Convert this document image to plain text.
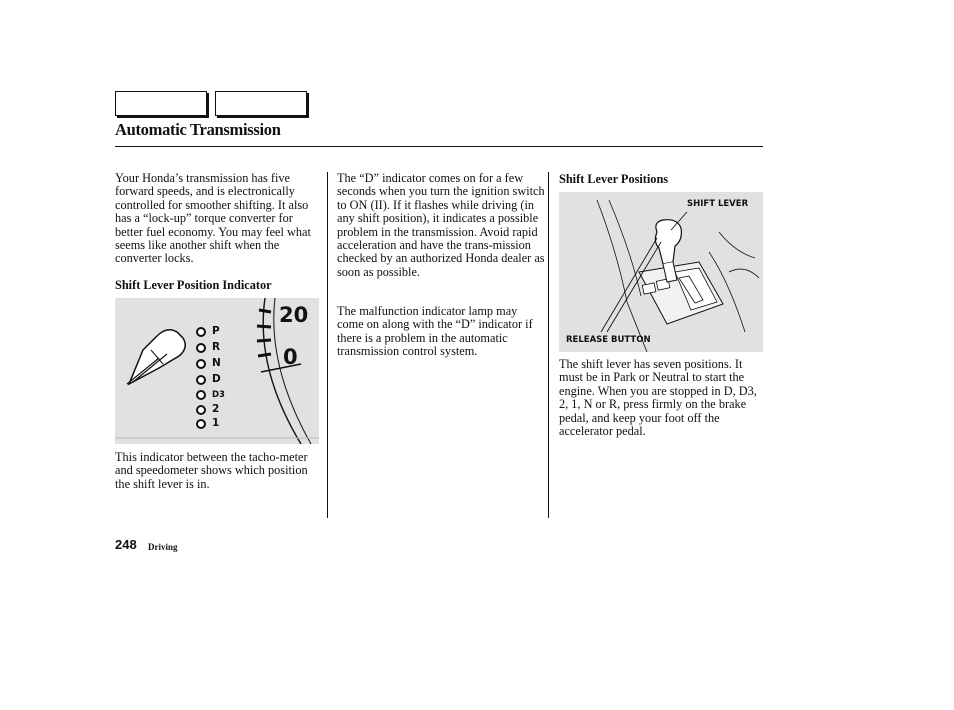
Automatic Transmission

Your Honda’s transmission has five forward speeds, and is electronically controlled for smoother shifting. It also has a “lock-up” torque converter for better fuel economy. You may feel what seems like another shift when the converter locks.

Shift Lever Position Indicator
P
R
N
D
D3
2
1
20
0

This indicator between the tacho-meter and speedometer shows which position the shift lever is in.

The “D” indicator comes on for a few seconds when you turn the ignition switch to ON (II). If it flashes while driving (in any shift position), it indicates a possible problem in the transmission. Avoid rapid acceleration and have the trans-mission checked by an authorized Honda dealer as soon as possible.

The malfunction indicator lamp may come on along with the “D” indicator if there is a problem in the automatic transmission control system.

Shift Lever Positions
SHIFT LEVER
RELEASE BUTTON

The shift lever has seven positions. It must be in Park or Neutral to start the engine. When you are stopped in D, D3, 2, 1, N or R, press firmly on the brake pedal, and keep your foot off the accelerator pedal.

248 Driving
